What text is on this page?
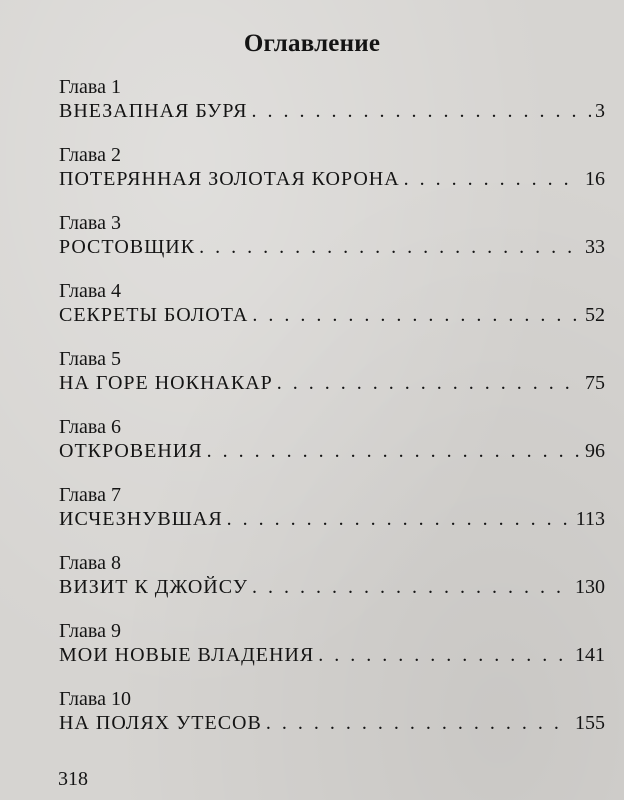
Оглавление
Глава 1
ВНЕЗАПНАЯ БУРЯ . . .	3
Глава 2
ПОТЕРЯННАЯ ЗОЛОТАЯ КОРОНА . . .	16
Глава 3
РОСТОВЩИК . . .	33
Глава 4
СЕКРЕТЫ БОЛОТА . . .	52
Глава 5
НА ГОРЕ НОКНАКАР . . .	75
Глава 6
ОТКРОВЕНИЯ . . .	96
Глава 7
ИСЧЕЗНУВШАЯ . . .	113
Глава 8
ВИЗИТ К ДЖОЙСУ . . .	130
Глава 9
МОИ НОВЫЕ ВЛАДЕНИЯ . . .	141
Глава 10
НА ПОЛЯХ УТЕСОВ . . .	155
318
